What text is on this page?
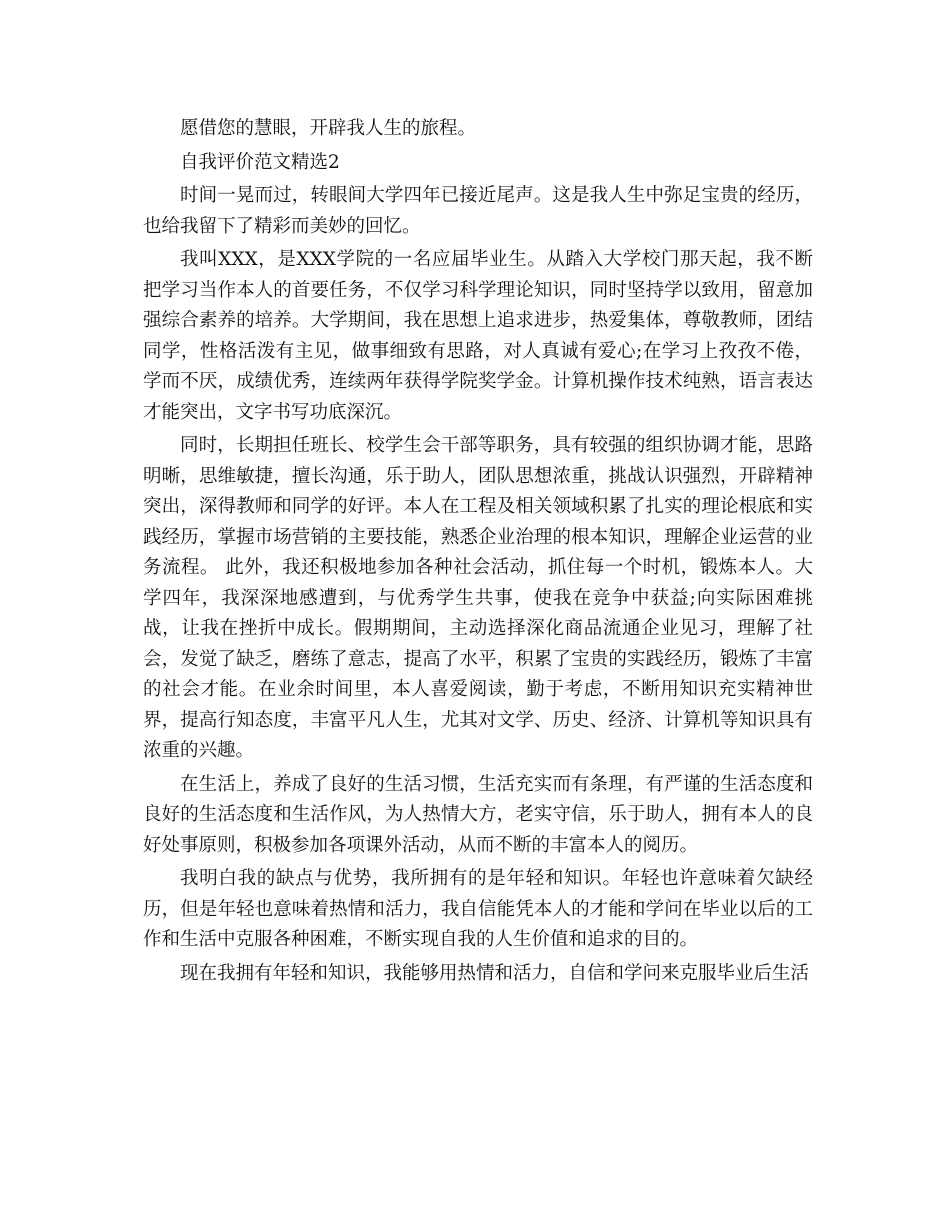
愿借您的慧眼，开辟我人生的旅程。

自我评价范文精选2

时间一晃而过，转眼间大学四年已接近尾声。这是我人生中弥足宝贵的经历，也给我留下了精彩而美妙的回忆。

我叫XXX，是XXX学院的一名应届毕业生。从踏入大学校门那天起，我不断把学习当作本人的首要任务，不仅学习科学理论知识，同时坚持学以致用，留意加强综合素养的培养。大学期间，我在思想上追求进步，热爱集体，尊敬教师，团结同学，性格活泼有主见，做事细致有思路，对人真诚有爱心;在学习上孜孜不倦，学而不厌，成绩优秀，连续两年获得学院奖学金。计算机操作技术纯熟，语言表达才能突出，文字书写功底深沉。

同时，长期担任班长、校学生会干部等职务，具有较强的组织协调才能，思路明晰，思维敏捷，擅长沟通，乐于助人，团队思想浓重，挑战认识强烈，开辟精神突出，深得教师和同学的好评。本人在工程及相关领域积累了扎实的理论根底和实践经历，掌握市场营销的主要技能，熟悉企业治理的根本知识，理解企业运营的业务流程。 此外，我还积极地参加各种社会活动，抓住每一个时机，锻炼本人。大学四年，我深深地感遭到，与优秀学生共事，使我在竞争中获益;向实际困难挑战，让我在挫折中成长。假期期间，主动选择深化商品流通企业见习，理解了社会，发觉了缺乏，磨练了意志，提高了水平，积累了宝贵的实践经历，锻炼了丰富的社会才能。在业余时间里，本人喜爱阅读，勤于考虑，不断用知识充实精神世界，提高行知态度，丰富平凡人生，尤其对文学、历史、经济、计算机等知识具有浓重的兴趣。

在生活上，养成了良好的生活习惯，生活充实而有条理，有严谨的生活态度和良好的生活态度和生活作风，为人热情大方，老实守信，乐于助人，拥有本人的良好处事原则，积极参加各项课外活动，从而不断的丰富本人的阅历。

我明白我的缺点与优势，我所拥有的是年轻和知识。年轻也许意味着欠缺经历，但是年轻也意味着热情和活力，我自信能凭本人的才能和学问在毕业以后的工作和生活中克服各种困难，不断实现自我的人生价值和追求的目的。

现在我拥有年轻和知识，我能够用热情和活力，自信和学问来克服毕业后生活
